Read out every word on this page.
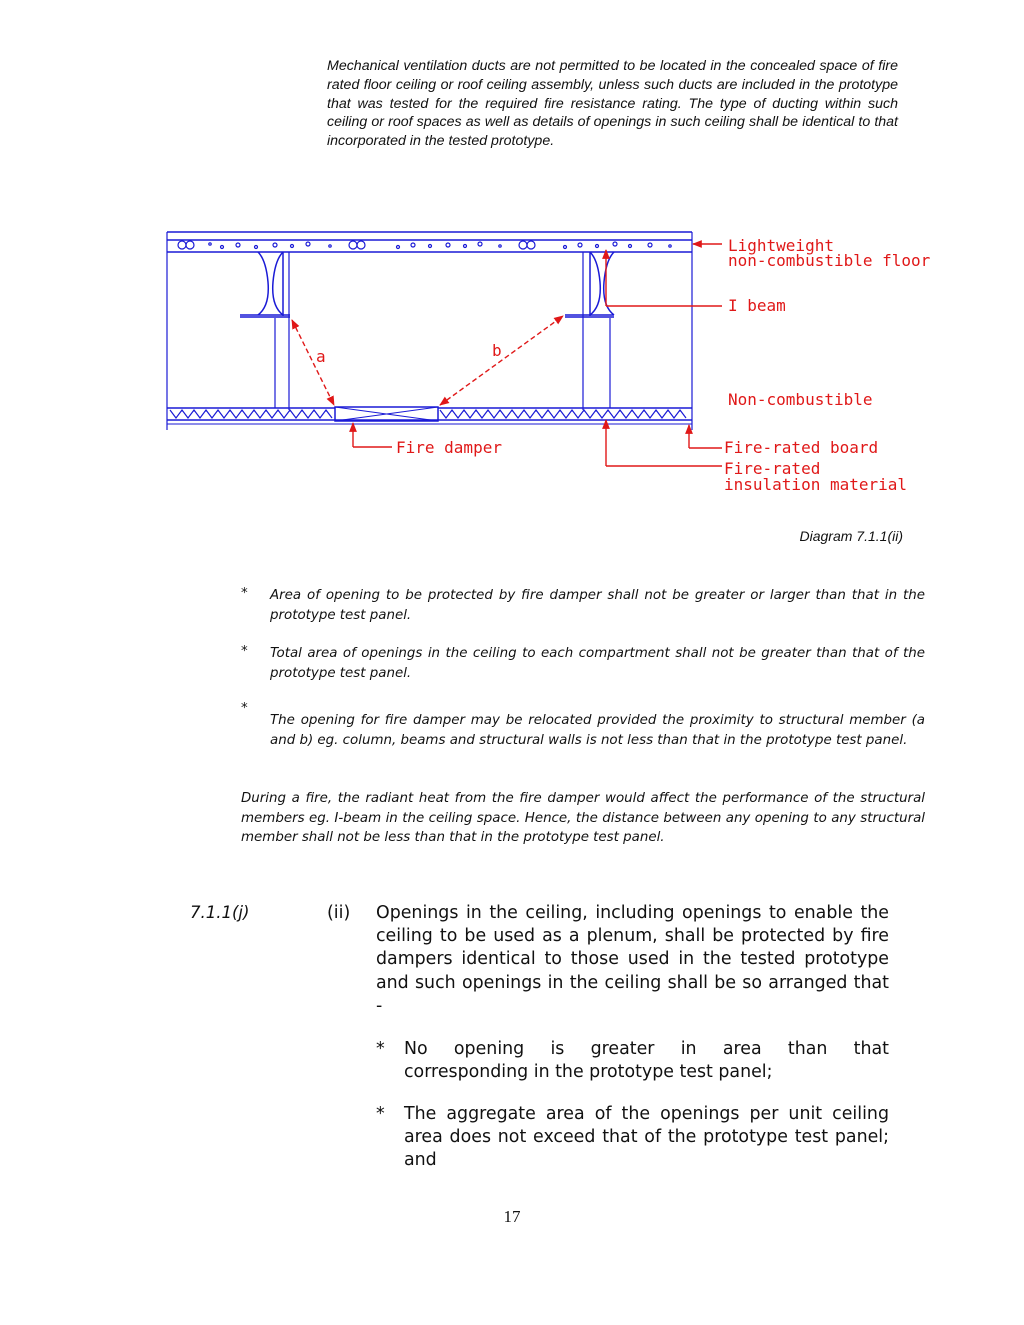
Mechanical ventilation ducts are not permitted to be located in the concealed space of fire rated floor ceiling or roof ceiling assembly, unless such ducts are included in the prototype that was tested for the required fire resistance rating. The type of ducting within such ceiling or roof spaces as well as details of openings in such ceiling shall be identical to that incorporated in the tested prototype.
Lightweight
non-combustible floor
I beam
Non-combustible
Fire-rated board
Fire-rated
insulation material
Fire damper
a	b
Diagram 7.1.1(ii)
* Area of opening to be protected by fire damper shall not be greater or larger than that in the prototype test panel.
* Total area of openings in the ceiling to each compartment shall not be greater than that of the prototype test panel.
*
The opening for fire damper may be relocated provided the proximity to structural member (a and b) eg. column, beams and structural walls is not less than that in the prototype test panel.
During a fire, the radiant heat from the fire damper would affect the performance of the structural members eg. I-beam in the ceiling space. Hence, the distance between any opening to any structural member shall not be less than that in the prototype test panel.
7.1.1(j)	(ii) Openings in the ceiling, including openings to enable the ceiling to be used as a plenum, shall be protected by fire dampers identical to those used in the tested prototype and such openings in the ceiling shall be so arranged that -
* No opening is greater in area than that
corresponding in the prototype test panel;
* The aggregate area of the openings per unit ceiling area does not exceed that of the prototype test panel; and
17
